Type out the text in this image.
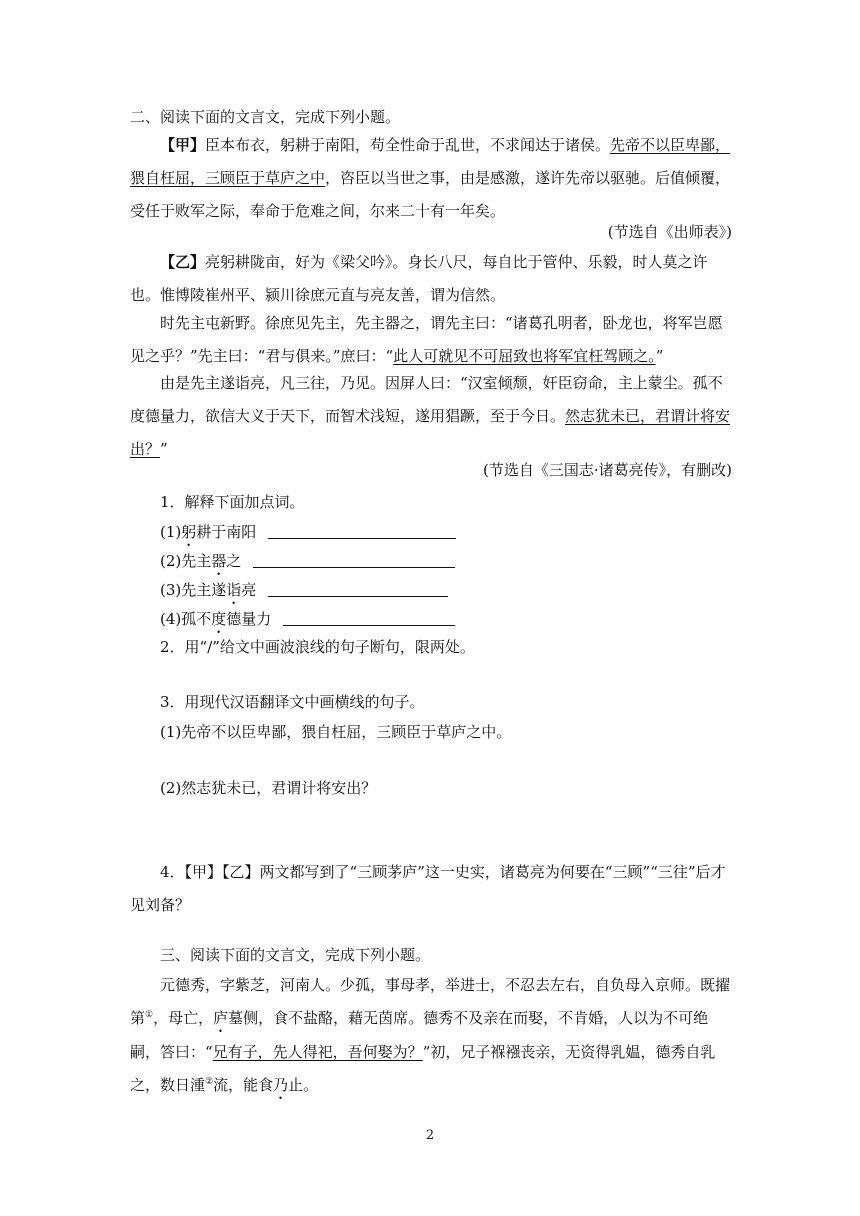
二、阅读下面的文言文，完成下列小题。

【甲】臣本布衣，躬耕于南阳，苟全性命于乱世，不求闻达于诸侯。先帝不以臣卑鄙，猥自枉屈，三顾臣于草庐之中，咨臣以当世之事，由是感激，遂许先帝以驱驰。后值倾覆，受任于败军之际，奉命于危难之间，尔来二十有一年矣。

(节选自《出师表》)

【乙】亮躬耕陇亩，好为《梁父吟》。身长八尺，每自比于管仲、乐毅，时人莫之许也。惟博陵崔州平、颍川徐庶元直与亮友善，谓为信然。

时先主屯新野。徐庶见先主，先主器之，谓先主曰：“诸葛孔明者，卧龙也，将军岂愿见之乎？”先主曰：“君与俱来。”庶曰：“此人可就见不可屈致也将军宜枉驾顾之。”

由是先主遂诣亮，凡三往，乃见。因屏人曰：“汉室倾颓，奸臣窃命，主上蒙尘。孤不度德量力，欲信大义于天下，而智术浅短，遂用猖蹶，至于今日。然志犹未已，君谓计将安出？”

(节选自《三国志·诸葛亮传》，有删改)

1．解释下面加点词。

(1)躬耕于南阳

(2)先主器之

(3)先主遂诣亮

(4)孤不度德量力

2．用“/”给文中画波浪线的句子断句，限两处。

3．用现代汉语翻译文中画横线的句子。

(1)先帝不以臣卑鄙，猥自枉屈，三顾臣于草庐之中。

(2)然志犹未已，君谓计将安出？

4．【甲】【乙】两文都写到了“三顾茅庐”这一史实，诸葛亮为何要在“三顾”“三往”后才见刘备？

三、阅读下面的文言文，完成下列小题。

元德秀，字紫芝，河南人。少孤，事母孝，举进士，不忍去左右，自负母入京师。既擢第①，母亡，庐墓侧，食不盐酪，藉无茵席。德秀不及亲在而娶，不肯婚，人以为不可绝嗣，答曰：“兄有子，先人得祀，吾何娶为？”初，兄子褓襁丧亲，无资得乳媪，德秀自乳之，数日湩②流，能食乃止。

2
